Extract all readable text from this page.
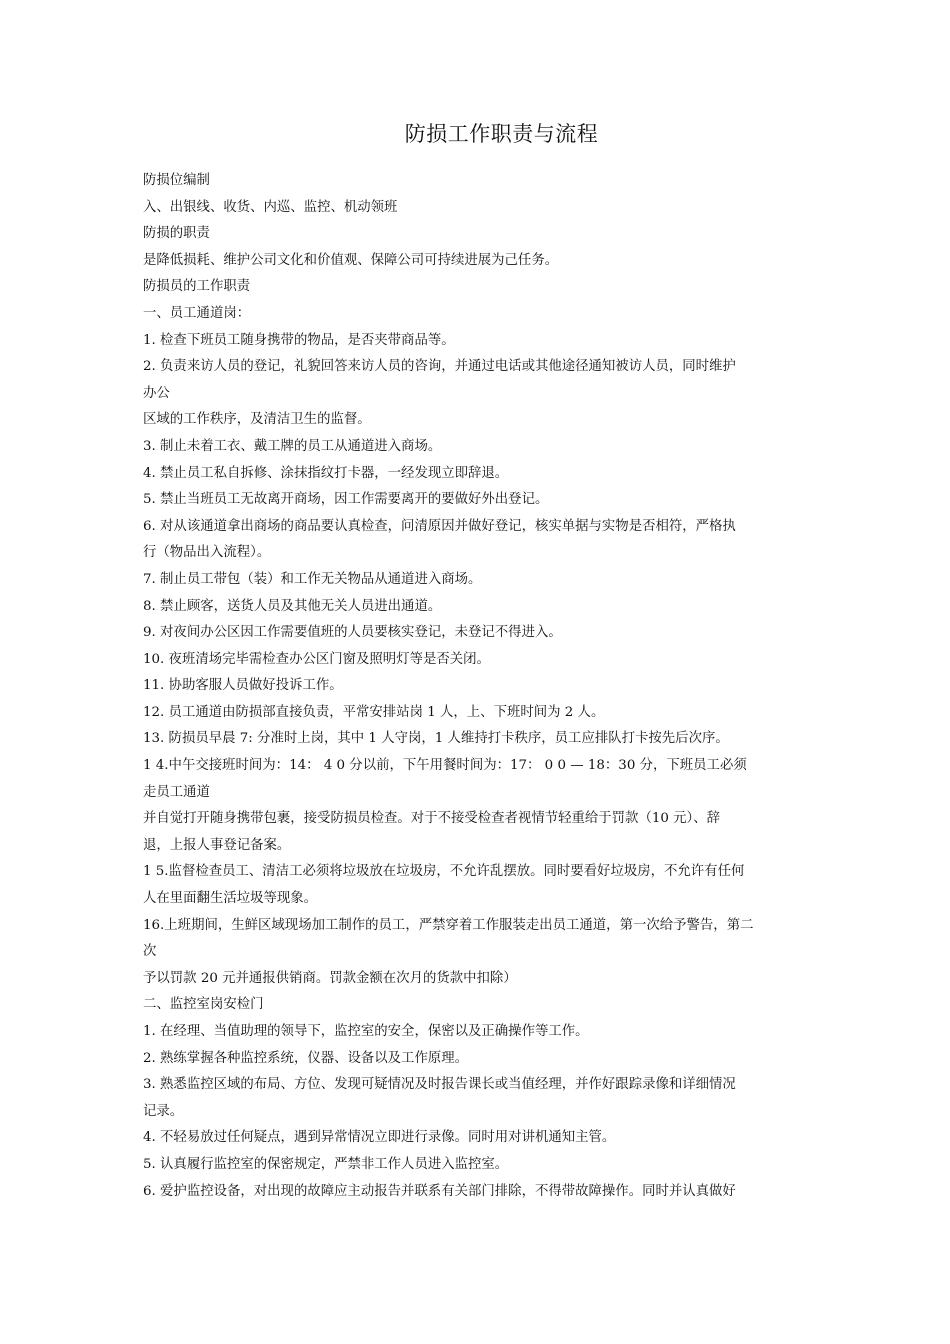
防损工作职责与流程
防损位编制
入、出银线、收货、内巡、监控、机动领班
防损的职责
是降低损耗、维护公司文化和价值观、保障公司可持续进展为己任务。
防损员的工作职责
一、员工通道岗：
1. 检查下班员工随身携带的物品，是否夹带商品等。
2. 负责来访人员的登记，礼貌回答来访人员的咨询，并通过电话或其他途径通知被访人员，同时维护
办公
区域的工作秩序，及清洁卫生的监督。
3. 制止未着工衣、戴工牌的员工从通道进入商场。
4. 禁止员工私自拆修、涂抹指纹打卡器，一经发现立即辞退。
5. 禁止当班员工无故离开商场，因工作需要离开的要做好外出登记。
6. 对从该通道拿出商场的商品要认真检查，问清原因并做好登记，核实单据与实物是否相符，严格执
行（物品出入流程）。
7. 制止员工带包（装）和工作无关物品从通道进入商场。
8. 禁止顾客，送货人员及其他无关人员进出通道。
9. 对夜间办公区因工作需要值班的人员要核实登记，未登记不得进入。
10. 夜班清场完毕需检查办公区门窗及照明灯等是否关闭。
11. 协助客服人员做好投诉工作。
12. 员工通道由防损部直接负责，平常安排站岗 1 人，上、下班时间为 2 人。
13. 防损员早晨 7: 分准时上岗，其中 1 人守岗，1 人维持打卡秩序，员工应排队打卡按先后次序。
1 4.中午交接班时间为：14： 4 0 分以前，下午用餐时间为：17： 0 0 — 18：30 分，下班员工必须
走员工通道
并自觉打开随身携带包裹，接受防损员检查。对于不接受检查者视情节轻重给于罚款（10 元）、辞
退，上报人事登记备案。
1 5.监督检查员工、清洁工必须将垃圾放在垃圾房，不允许乱摆放。同时要看好垃圾房，不允许有任何
人在里面翻生活垃圾等现象。
16.上班期间，生鲜区域现场加工制作的员工，严禁穿着工作服装走出员工通道，第一次给予警告，第二
次
予以罚款 20 元并通报供销商。罚款金额在次月的货款中扣除）
二、监控室岗安检门
1. 在经理、当值助理的领导下，监控室的安全，保密以及正确操作等工作。
2. 熟练掌握各种监控系统，仪器、设备以及工作原理。
3. 熟悉监控区域的布局、方位、发现可疑情况及时报告课长或当值经理，并作好跟踪录像和详细情况
记录。
4. 不轻易放过任何疑点，遇到异常情况立即进行录像。同时用对讲机通知主管。
5. 认真履行监控室的保密规定，严禁非工作人员进入监控室。
6. 爱护监控设备，对出现的故障应主动报告并联系有关部门排除，不得带故障操作。同时并认真做好
